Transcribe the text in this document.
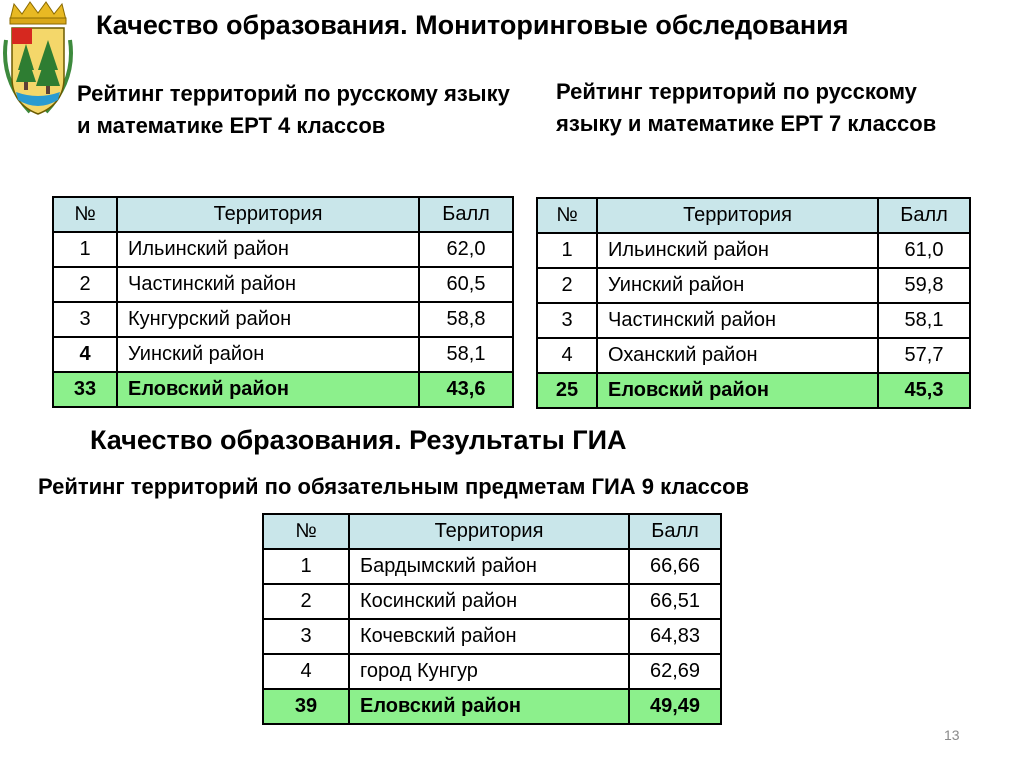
Качество образования. Мониторинговые обследования
Рейтинг территорий по русскому языку и математике ЕРТ 4 классов
Рейтинг территорий по русскому языку и математике ЕРТ 7 классов
№	Территория	Балл
1	Ильинский район	62,0
2	Частинский район	60,5
3	Кунгурский район	58,8
4	Уинский район	58,1
33	Еловский район	43,6
№	Территория	Балл
1	Ильинский район	61,0
2	Уинский район	59,8
3	Частинский район	58,1
4	Оханский район	57,7
25	Еловский район	45,3
Качество образования. Результаты ГИА
Рейтинг территорий по обязательным предметам ГИА 9 классов
№	Территория	Балл
1	Бардымский район	66,66
2	Косинский район	66,51
3	Кочевский район	64,83
4	город Кунгур	62,69
39	Еловский район	49,49
13
